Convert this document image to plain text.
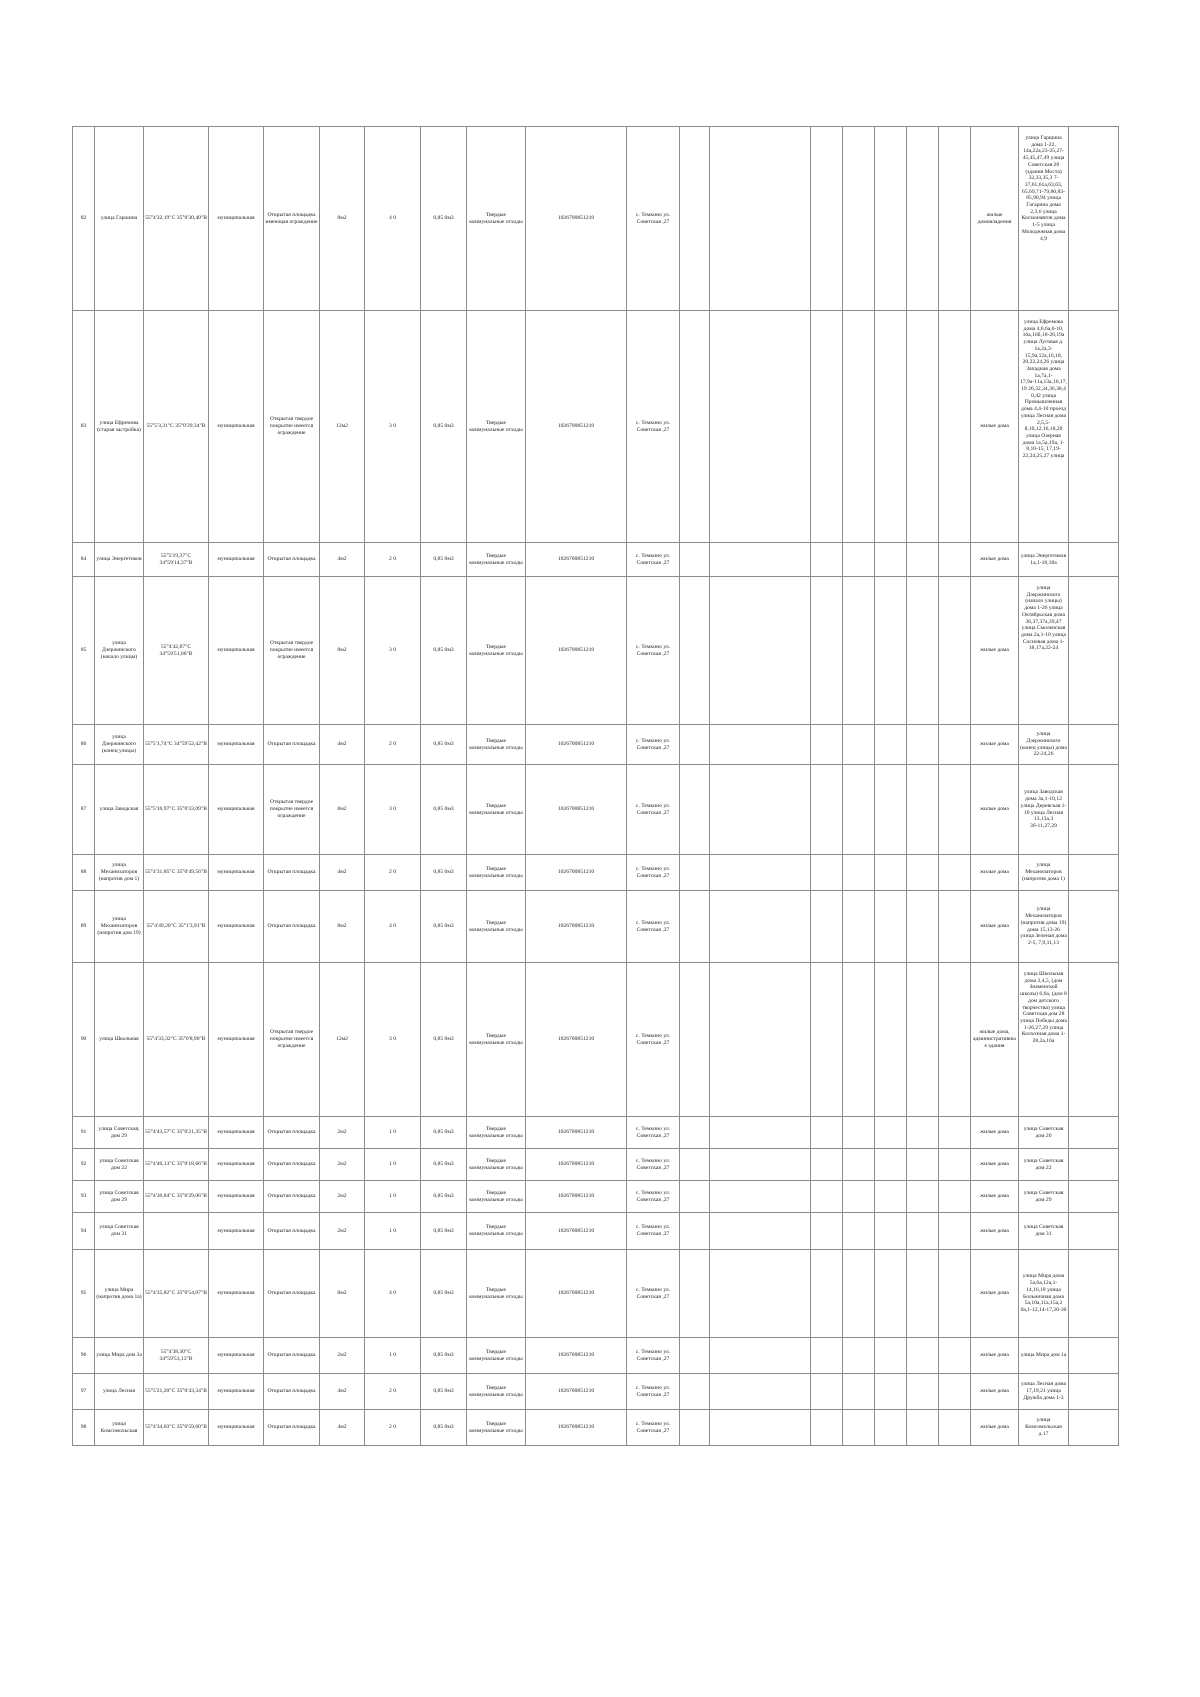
82	улица Гаршина	55°4'32,19"С 35°0'30,40"В	муниципальная	Открытая площадка имеющая ограждение	8м2	4 0	0,85 0м3	Твердые коммунальные отходы	1026700851210	с. Темкино ул. Советская ,27								жилые домовладения	улица Гаршина дома 1-22, 14а,22а,23-25,27-45,45,47,49 улица Советская 28 (здания Моста) 32,33,35,3 7-37,61,61а,63,63, 65,69,71-79,80,83-85,90,94 улица Гагарина дома 2,3,6 улица Космонавтов дома 1-5 улица Молодежная дома 4,9	
83	улица Ефремова (старая застройка)	55°5'3,31"С 35°0'39,34"В	муниципальная	Открытая твердое покрытие имеется ограждение	12м2	3 0	0,85 0м3	Твердые коммунальные отходы	1026700851210	с. Темкино ул. Советская ,27								жилые дома	улица Ефремова дома 4,6,6а,6-10, 16а,16б,18-26,19а улица Луговая д. 1а,2а,3-15,9а,12а,16,18, 20,22,24,26 улица Западная дома 1а,7а,1-17,9а-11а,13а,16,17,19 26,32,34,36,38,4 0,42 улица Промышленная дома 4,4-10 проезд улица Лесная дома 2,5,5-8,10,12,16,18,20 улица Озерная дома 1а,5а,19а, 1-8,10-15, 17,19-22,24,25,27 улица	
84	улица Энергетиков	55°5'19,37"С 34°59'14,37"В	муниципальная	Открытая площадка	4м2	2 0	0,85 0м3	Твердые коммунальные отходы	1026700851210	с. Темкино ул. Советская ,27								жилые дома	улица Энергетиков 1а,1-18,18а	
85	улица Дзержинского (начало улицы)	55°4'42,87"С 34°59'51,06"В	муниципальная	Открытая твердое покрытие имеется ограждение	8м2	3 0	0,85 0м3	Твердые коммунальные отходы	1026700851210	с. Темкино ул. Советская ,27								жилые дома	улица Дзержинского (начало улицы) дома 1-26 улица Октябрьская дома 36,37,37а,39,47 улица Смоленская дома 2а,1-10 улица Сосновая дома 1-18,17а,22-24	
86	улица Дзержинского (конец улицы)	55°5'1,74"С 34°59'52,42"В	муниципальная	Открытая площадка	4м2	2 0	0,85 0м3	Твердые коммунальные отходы	1026700851210	с. Темкино ул. Советская ,27								жилые дома	улица Дзержинского (конец улицы) дома 22-24,26	
87	улица Заводская	55°5'16,97"С 35°0'33,09"В	муниципальная	Открытая твердое покрытие имеется ограждение	8м2	3 0	0,85 0м3	Твердые коммунальные отходы	1026700851210	с. Темкино ул. Советская ,27								жилые дома	улица Заводская дома 3а,1-10,12 улица Деревская 1-10 улица Лесная 13,13а,3 3б-11,27,29	
88	улица Механизаторов (напротив дом 1)	55°4'31,85"С 35°0'49,56"В	муниципальная	Открытая площадка	4м2	2 0	0,85 0м3	Твердые коммунальные отходы	1026700851210	с. Темкино ул. Советская ,27								жилые дома	улица Механизаторов (напротив дома 1)	
89	улица Механизаторов (напротив дом 19)	55°4'49,20"С 35°1'3,91"В	муниципальная	Открытая площадка	8м2	4 0	0,85 0м3	Твердые коммунальные отходы	1026700851210	с. Темкино ул. Советская ,27								жилые дома	улица Механизаторов (напротив дома 19) дома 15,13-26 улица Зеленая дома 2-5, 7,9,11,13	
90	улица Школьная	55°4'33,32"С 35°0'8,90"В	муниципальная	Открытая твердое покрытие имеется ограждение	12м2	3 0	0,85 0м3	Твердые коммунальные отходы	1026700851210	с. Темкино ул. Советская ,27								жилые дома, административные здания	улица Школьная дома 3,4,5, (дом Знаменской школы) 6,6а, (дом 8 дом детского творчества) улица Советская дом 28 улица Победы дома 1-26,27,29 улица Колхозная дома 1-28,2а,16а	
91	улица Советская, дом 29	55°4'43,57"С 35°0'21,35"В	муниципальная	Открытая площадка	2м2	1 0	0,85 0м3	Твердые коммунальные отходы	1026700851210	с. Темкино ул. Советская ,27								жилые дома	улица Советская дом 20	
92	улица Советская дом 22	55°4'40,13"С 35°0'18,66"В	муниципальная	Открытая площадка	2м2	1 0	0,85 0м3	Твердые коммунальные отходы	1026700851210	с. Темкино ул. Советская ,27								жилые дома	улица Советская дом 22	
93	улица Советская дом 29	55°4'36,84"С 35°0'29,06"В	муниципальная	Открытая площадка	2м2	1 0	0,85 0м3	Твердые коммунальные отходы	1026700851210	с. Темкино ул. Советская ,27								жилые дома	улица Советская дом 29	
94	улица Советская дом 31		муниципальная	Открытая площадка	2м2	1 0	0,85 0м3	Твердые коммунальные отходы	1026700851210	с. Темкино ул. Советская ,27								жилые дома	улица Советская дом 31	
95	улица Мира (напротив дома 1а)	55°4'35,82"С 35°0'54,07"В	муниципальная	Открытая площадка	8м2	4 0	0,85 0м3	Твердые коммунальные отходы	1026700851210	с. Темкино ул. Советская ,27								жилые дома	улица Мира дома 5а,6а,12а,1-14,16,18 улица Больничная дома 5а,10а,11а,15а,2 0а,1-12,14-17,20-30	
96	улица Мира дом 3а	55°4'38,30"С 34°59'53,13"В	муниципальная	Открытая площадка	2м2	1 0	0,85 0м3	Твердые коммунальные отходы	1026700851210	с. Темкино ул. Советская ,27								жилые дома	улица Мира дом 1а	
97	улица Лесная	55°5'21,20"С 35°0'43,34"В	муниципальная	Открытая площадка	4м2	2 0	0,85 0м3	Твердые коммунальные отходы	1026700851210	с. Темкино ул. Советская ,27								жилые дома	улица Лесная дома 17,19,21 улица Дружба дома 1-3	
98	улица Комсомольская	55°4'34,03"С 35°0'59,60"В	муниципальная	Открытая площадка	4м2	2 0	0,85 0м3	Твердые коммунальные отходы	1026700851210	с. Темкино ул. Советская ,27								жилые дома	улица Комсомольская д.17	
